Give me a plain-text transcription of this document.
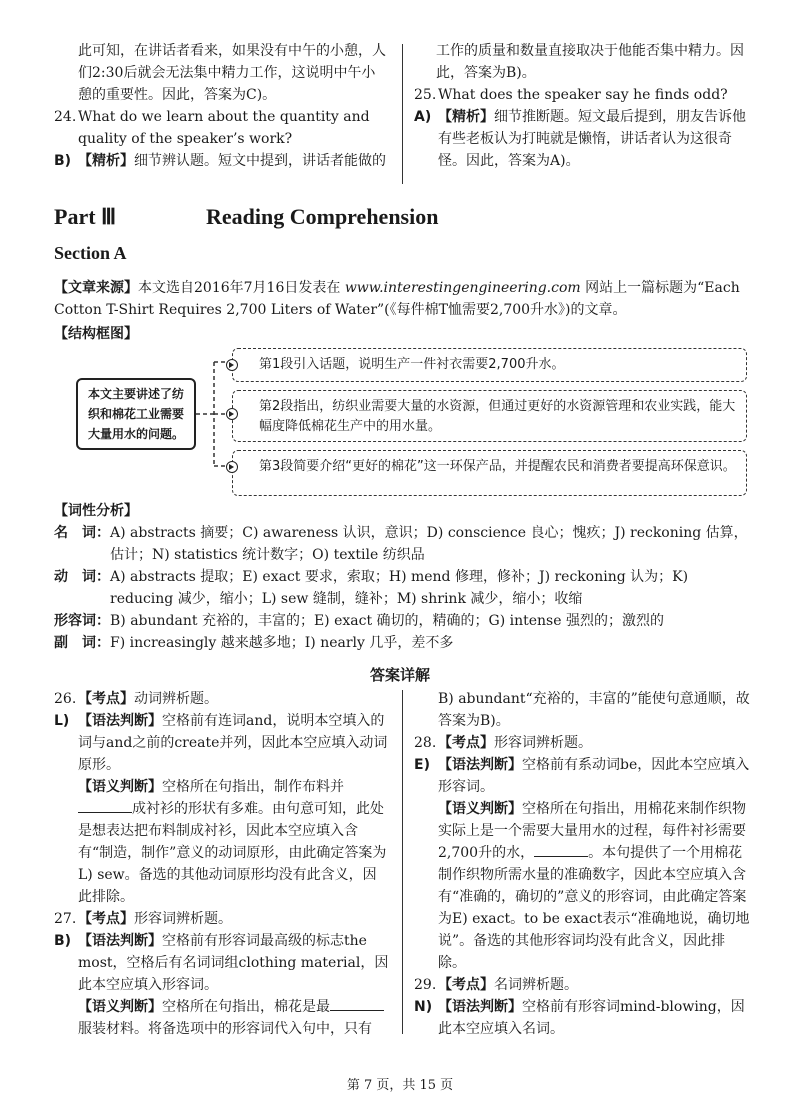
此可知，在讲话者看来，如果没有中午的小憩，人们2:30后就会无法集中精力工作，这说明中午小憩的重要性。因此，答案为C)。

24. What do we learn about the quantity and quality of the speaker’s work?
B) 【精析】细节辨认题。短文中提到，讲话者能做的

工作的质量和数量直接取决于他能否集中精力。因此，答案为B)。

25. What does the speaker say he finds odd?
A) 【精析】细节推断题。短文最后提到，朋友告诉他有些老板认为打盹就是懒惰，讲话者认为这很奇怪。因此，答案为A)。
Part Ⅲ	Reading Comprehension
Section A
【文章来源】本文选自2016年7月16日发表在 www.interestingengineering.com 网站上一篇标题为“Each Cotton T-Shirt Requires 2,700 Liters of Water”(《每件棉T恤需要2,700升水》)的文章。
【结构框图】
本文主要讲述了纺织和棉花工业需要大量用水的问题。
第1段引入话题，说明生产一件衬衣需要2,700升水。
第2段指出，纺织业需要大量的水资源，但通过更好的水资源管理和农业实践，能大幅度降低棉花生产中的用水量。
第3段简要介绍“更好的棉花”这一环保产品，并提醒农民和消费者要提高环保意识。
【词性分析】
名　词： A) abstracts 摘要；C) awareness 认识，意识；D) conscience 良心；愧疚；J) reckoning 估算，估计；N) statistics 统计数字；O) textile 纺织品
动　词： A) abstracts 提取；E) exact 要求，索取；H) mend 修理，修补；J) reckoning 认为；K) reducing 减少，缩小；L) sew 缝制，缝补；M) shrink 减少，缩小；收缩
形容词： B) abundant 充裕的，丰富的；E) exact 确切的，精确的；G) intense 强烈的；激烈的
副　词： F) increasingly 越来越多地；I) nearly 几乎，差不多
答案详解
26. 【考点】动词辨析题。
L) 【语法判断】空格前有连词and，说明本空填入的词与and之前的create并列，因此本空应填入动词原形。
【语义判断】空格所在句指出，制作布料并成衬衫的形状有多难。由句意可知，此处是想表达把布料制成衬衫，因此本空应填入含有“制造，制作”意义的动词原形，由此确定答案为L) sew。备选的其他动词原形均没有此含义，因此排除。
27. 【考点】形容词辨析题。
B) 【语法判断】空格前有形容词最高级的标志the most，空格后有名词词组clothing material，因此本空应填入形容词。
【语义判断】空格所在句指出，棉花是最服装材料。将备选项中的形容词代入句中，只有
B) abundant“充裕的，丰富的”能使句意通顺，故答案为B)。
28. 【考点】形容词辨析题。
E) 【语法判断】空格前有系动词be，因此本空应填入形容词。
【语义判断】空格所在句指出，用棉花来制作织物实际上是一个需要大量用水的过程，每件衬衫需要2,700升的水，	。本句提供了一个用棉花制作织物所需水量的准确数字，因此本空应填入含有“准确的，确切的”意义的形容词，由此确定答案为E) exact。to be exact表示“准确地说，确切地说”。备选的其他形容词均没有此含义，因此排除。
29. 【考点】名词辨析题。
N) 【语法判断】空格前有形容词mind-blowing，因此本空应填入名词。
第 7 页，共 15 页
